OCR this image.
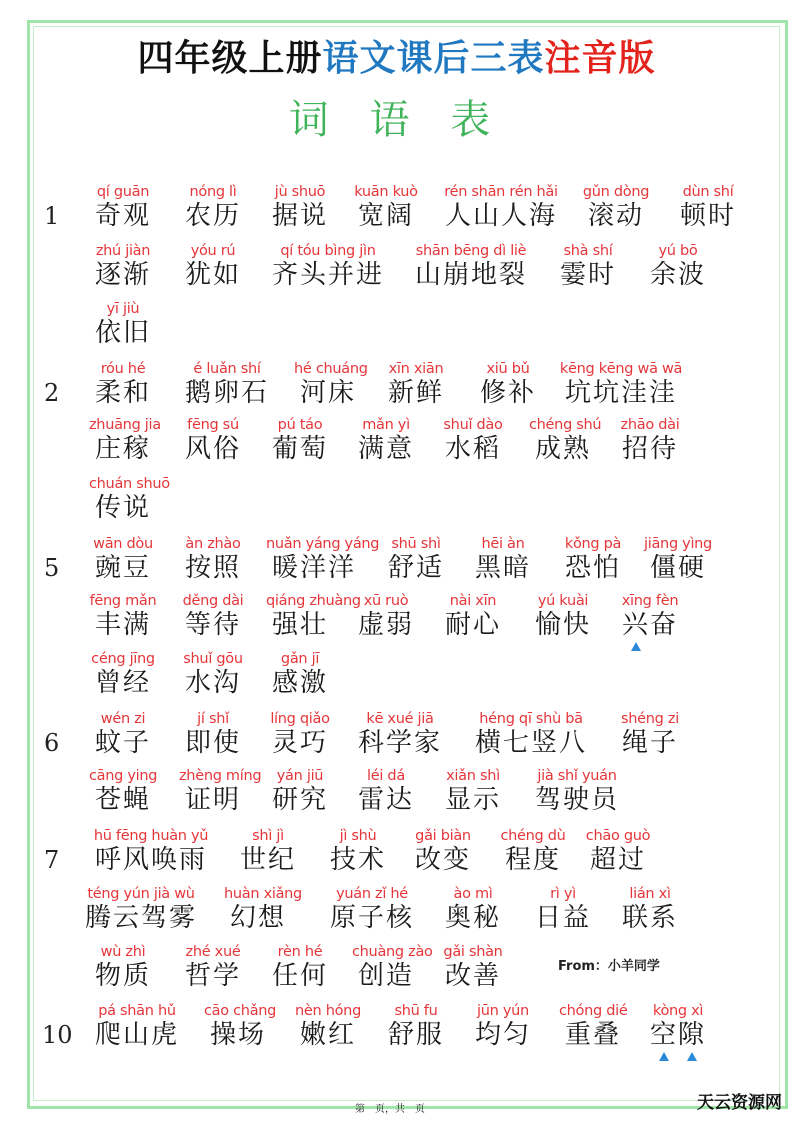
四年级上册语文课后三表注音版
词 语 表
1
qí guān
奇观
nóng lì
农历
jù shuō
据说
kuān kuò
宽阔
rén shān rén hǎi
人山人海
gǔn dòng
滚动
dùn shí
顿时
zhú jiàn
逐渐
yóu rú
犹如
qí tóu bìng jìn
齐头并进
shān bēng dì liè
山崩地裂
shà shí
霎时
yú bō
余波
yī jiù
依旧
2
róu hé
柔和
é luǎn shí
鹅卵石
hé chuáng
河床
xīn xiān
新鲜
xiū bǔ
修补
kēng kēng wā wā
坑坑洼洼
zhuāng jia
庄稼
fēng sú
风俗
pú táo
葡萄
mǎn yì
满意
shuǐ dào
水稻
chéng shú
成熟
zhāo dài
招待
chuán shuō
传说
5
wān dòu
豌豆
àn zhào
按照
nuǎn yáng yáng
暖洋洋
shū shì
舒适
hēi àn
黑暗
kǒng pà
恐怕
jiāng yìng
僵硬
fēng mǎn
丰满
děng dài
等待
qiáng zhuàng
强壮
xū ruò
虚弱
nài xīn
耐心
yú kuài
愉快
xīng fèn
兴奋
céng jīng
曾经
shuǐ gōu
水沟
gǎn jī
感激
6
wén zi
蚊子
jí shǐ
即使
líng qiǎo
灵巧
kē xué jiā
科学家
héng qī shù bā
横七竖八
shéng zi
绳子
cāng ying
苍蝇
zhèng míng
证明
yán jiū
研究
léi dá
雷达
xiǎn shì
显示
jià shǐ yuán
驾驶员
7
hū fēng huàn yǔ
呼风唤雨
shì jì
世纪
jì shù
技术
gǎi biàn
改变
chéng dù
程度
chāo guò
超过
téng yún jià wù
腾云驾雾
huàn xiǎng
幻想
yuán zǐ hé
原子核
ào mì
奥秘
rì yì
日益
lián xì
联系
wù zhì
物质
zhé xué
哲学
rèn hé
任何
chuàng zào
创造
gǎi shàn
改善
10
pá shān hǔ
爬山虎
cāo chǎng
操场
nèn hóng
嫩红
shū fu
舒服
jūn yún
均匀
chóng dié
重叠
kòng xì
空隙
From：小羊同学
第　页，共　页	天云资源网
